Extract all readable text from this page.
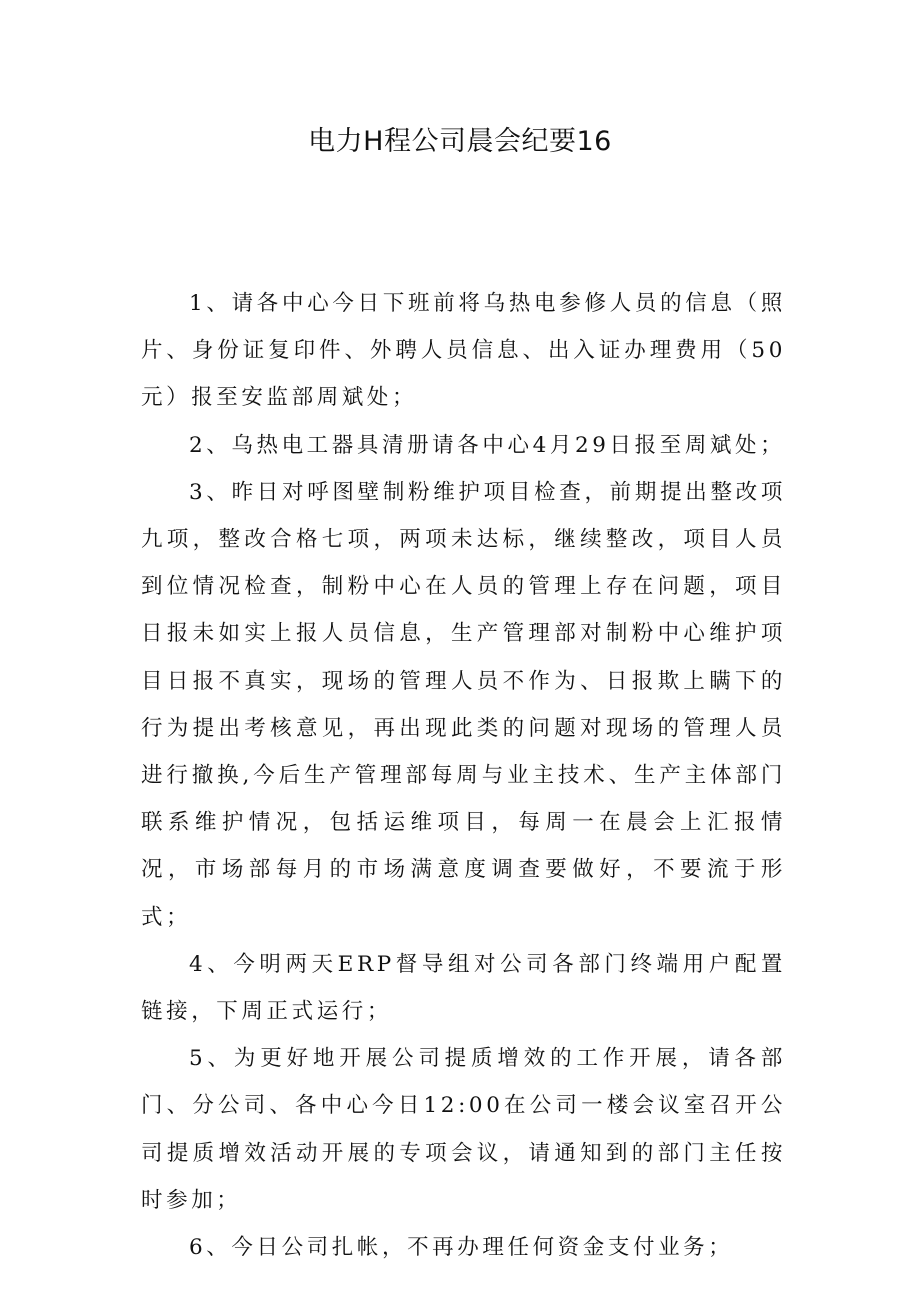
电力H程公司晨会纪要16

1、请各中心今日下班前将乌热电参修人员的信息（照片、身份证复印件、外聘人员信息、出入证办理费用（50元）报至安监部周斌处；

2、乌热电工器具清册请各中心4月29日报至周斌处；

3、昨日对呼图壁制粉维护项目检查，前期提出整改项九项，整改合格七项，两项未达标，继续整改，项目人员到位情况检查，制粉中心在人员的管理上存在问题，项目日报未如实上报人员信息，生产管理部对制粉中心维护项目日报不真实，现场的管理人员不作为、日报欺上瞒下的行为提出考核意见，再出现此类的问题对现场的管理人员进行撤换,今后生产管理部每周与业主技术、生产主体部门联系维护情况，包括运维项目，每周一在晨会上汇报情况，市场部每月的市场满意度调查要做好，不要流于形式；

4、今明两天ERP督导组对公司各部门终端用户配置链接，下周正式运行；

5、为更好地开展公司提质增效的工作开展，请各部门、分公司、各中心今日12:00在公司一楼会议室召开公司提质增效活动开展的专项会议，请通知到的部门主任按时参加；

6、今日公司扎帐，不再办理任何资金支付业务；
